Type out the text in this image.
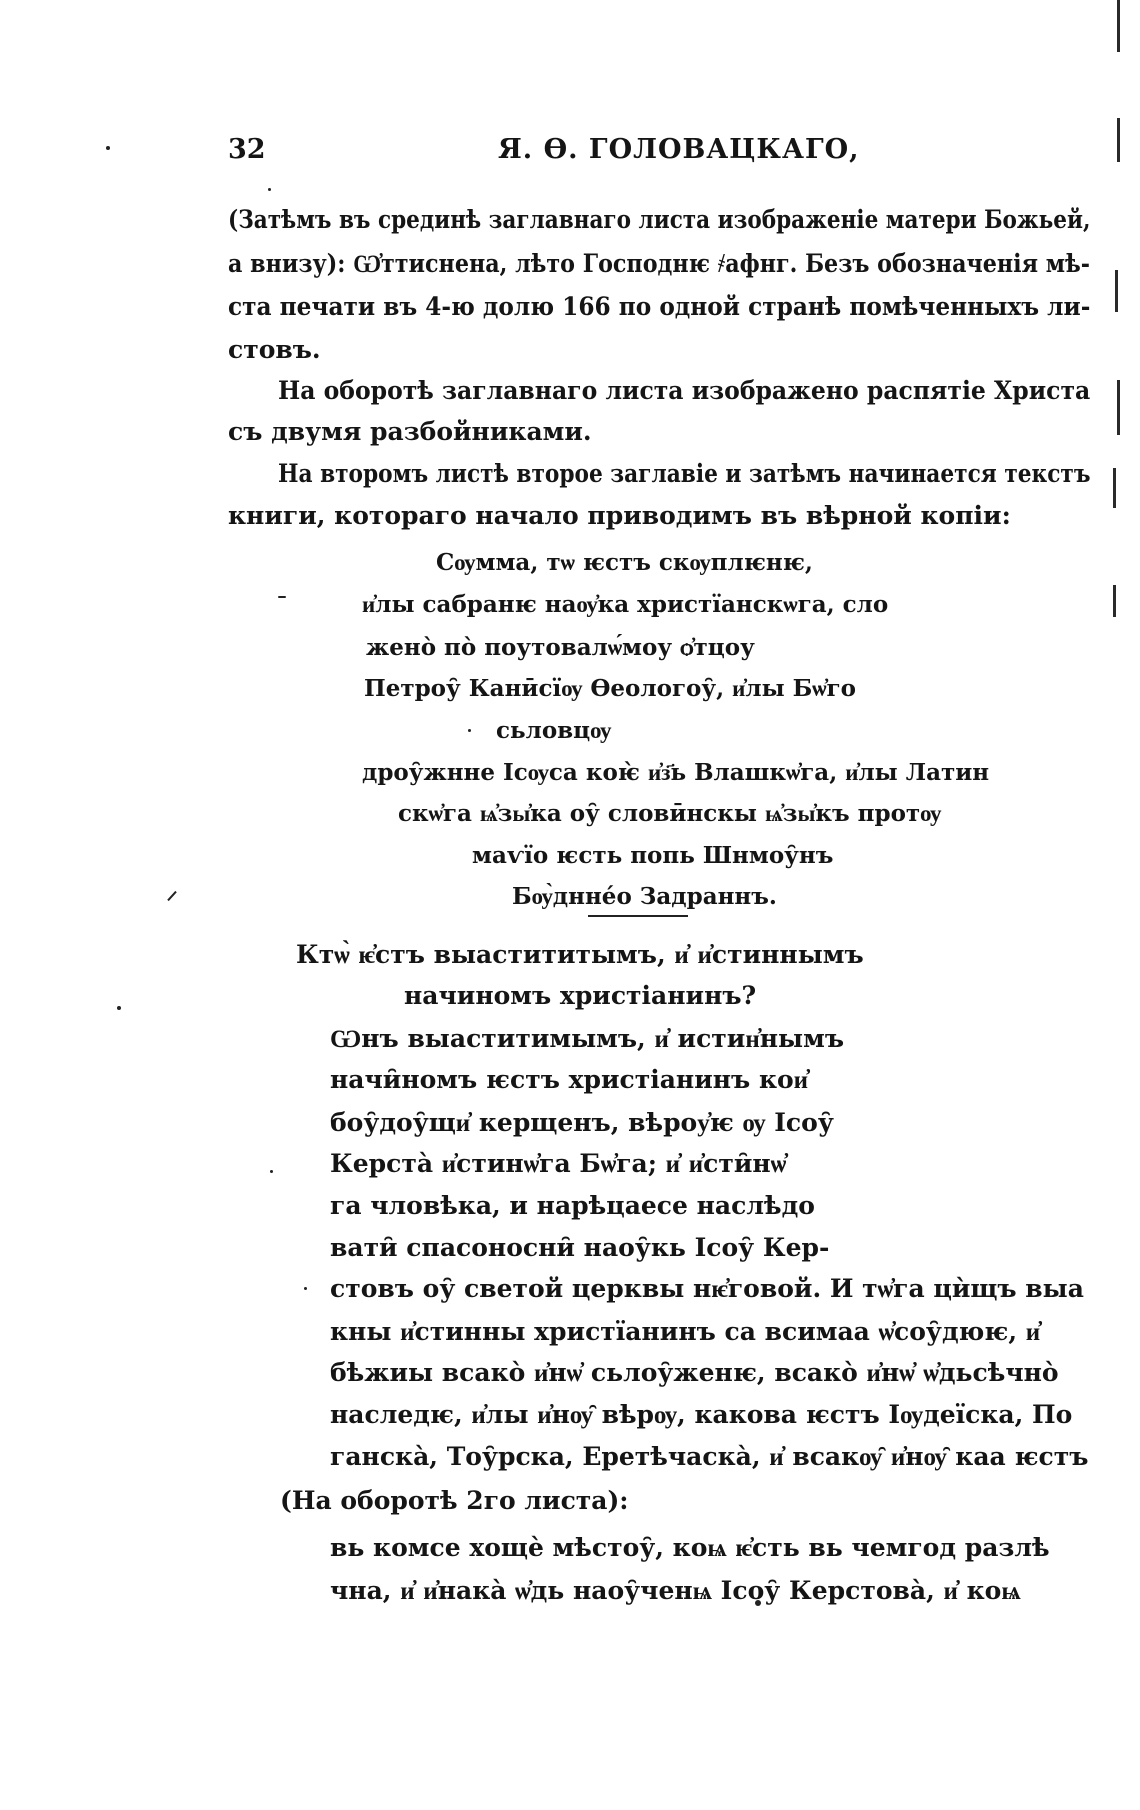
32	Я. Ѳ. ГОЛОВАЦКАГО,
(Затѣмъ въ срединѣ заглавнаго листа изображеніе матери Божьей,
а внизу): Ѡ҆ттиснена, лѣто Господнѥ ҂афнг. Безъ обозначенія мѣ-
ста печати въ 4-ю долю 166 по одной странѣ помѣченныхъ ли-
стовъ.
На оборотѣ заглавнаго листа изображено распятіе Христа
съ двумя разбойниками.
На второмъ листѣ второе заглавіе и затѣмъ начинается текстъ
книги, котораго начало приводимъ въ вѣрной копіи:
Сѹмма, тѡ ѥстъ скѹплѥнѥ,
и҆лы сабранѥ наѹ҆ка христїанскѡга, сло
жено̀ по̀ поутовалѡ́моу ѻ҆тцоу
Петроу̑ Канӣсїѹ Ѳеологоу̑, и҆лы Бѡ҆го
сьловцѹ
дроу̑жнне Ісѹса коѥ̀ и҆з҃ь Влашкѡ҆га, и҆лы Латин
скѡ҆га ѩ҆зы҆ка оу̑ словӣнскы ѩ҆зы҆къ протѹ
маѵїо ѥсть попь Шнмоу̑нъ
Бѹ̀днне́о Задраннъ.
Ктѡ̀ ѥ҆стъ выастититымъ, и҆ и҆стиннымъ
начиномъ христіанинъ?
Ѡнъ выаститимымъ, и҆ истин҆нымъ
начи̑номъ ѥстъ христіанинъ кои҆
боу̑доу̑щи҆ керщенъ, вѣроу҆ѥ ѹ Ісоу̑
Керста̀ и҆стинѡ҆га Бѡ҆га; и҆ и҆сти̑нѡ҆
га чловѣка, и нарѣцаесе наслѣдо
вати̑ спасоносни̑ наоу̑кь Ісоу̑ Кер-
стовъ оу̑ светой церквы нѥ҆говой. И тѡ҆га цѝщъ выа
кны и҆стинны христїанинъ са всимаа ѡ҆соу̑дюѥ, и҆
бѣжиы всако̀ и҆нѡ҆ сьлоу̑женѥ, всако̀ и҆нѡ҆ ѡ҆дьсѣчно̀
наследѥ, и҆лы и҆нѹ̑ вѣрѹ, какова ѥстъ Іѹдеїска, По
ганска̀, Тоу̑рска, Еретѣчаска̀, и҆ всакѹ̑ и҆нѹ̑ каа ѥстъ
(На оборотѣ 2го листа):
вь комсе хощѐ мѣстоу̑, коѩ ѥ҆сть вь чемгод разлѣ
чна, и҆ и҆нака̀ ѡ҆дь наоу̑ченѩ Ісоу̑ Керстова̀, и҆ коѩ
